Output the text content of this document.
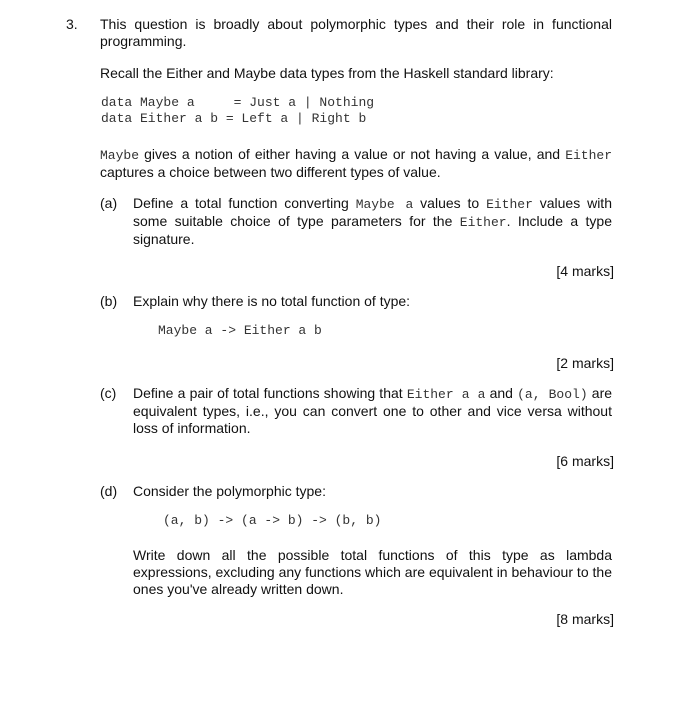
3. This question is broadly about polymorphic types and their role in functional programming.
Recall the Either and Maybe data types from the Haskell standard library:
data Maybe a     = Just a | Nothing
data Either a b = Left a | Right b
Maybe gives a notion of either having a value or not having a value, and Either captures a choice between two different types of value.
(a) Define a total function converting Maybe a values to Either values with some suitable choice of type parameters for the Either. Include a type signature.
[4 marks]
(b) Explain why there is no total function of type:
Maybe a -> Either a b
[2 marks]
(c) Define a pair of total functions showing that Either a a and (a, Bool) are equivalent types, i.e., you can convert one to other and vice versa without loss of information.
[6 marks]
(d) Consider the polymorphic type:
(a, b) -> (a -> b) -> (b, b)
Write down all the possible total functions of this type as lambda expressions, excluding any functions which are equivalent in behaviour to the ones you've already written down.
[8 marks]
